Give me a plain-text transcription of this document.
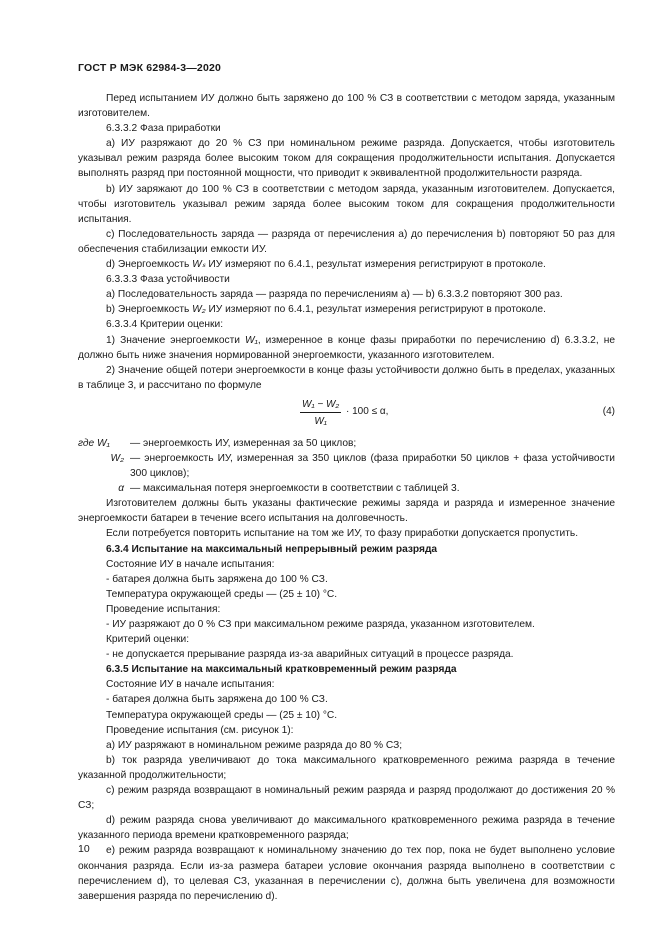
ГОСТ Р МЭК 62984-3—2020

Перед испытанием ИУ должно быть заряжено до 100 % СЗ в соответствии с методом заряда, указанным изготовителем.

6.3.3.2 Фаза приработки

а) ИУ разряжают до 20 % СЗ при номинальном режиме разряда. Допускается, чтобы изготовитель указывал режим разряда более высоким током для сокращения продолжительности испытания. Допускается выполнять разряд при постоянной мощности, что приводит к эквивалентной продолжительности разряда.

b) ИУ заряжают до 100 % СЗ в соответствии с методом заряда, указанным изготовителем. Допускается, чтобы изготовитель указывал режим заряда более высоким током для сокращения продолжительности испытания.

с) Последовательность заряда — разряда от перечисления а) до перечисления b) повторяют 50 раз для обеспечения стабилизации емкости ИУ.

d) Энергоемкость Wₛ ИУ измеряют по 6.4.1, результат измерения регистрируют в протоколе.

6.3.3.3 Фаза устойчивости

а) Последовательность заряда — разряда по перечислениям а) — b) 6.3.3.2 повторяют 300 раз.

b) Энергоемкость W₂ ИУ измеряют по 6.4.1, результат измерения регистрируют в протоколе.

6.3.3.4 Критерии оценки:

1) Значение энергоемкости W₁, измеренное в конце фазы приработки по перечислению d) 6.3.3.2, не должно быть ниже значения нормированной энергоемкости, указанного изготовителем.

2) Значение общей потери энергоемкости в конце фазы устойчивости должно быть в пределах, указанных в таблице 3, и рассчитано по формуле

$\frac{\text{W₁ − W₂}}{\text{W₁}} \cdot 100 \le \alpha$,	(4)
где W₁	— энергоемкость ИУ, измеренная за 50 циклов;
W₂ — энергоемкость ИУ, измеренная за 350 циклов (фаза приработки 50 циклов + фаза устойчивости 300 циклов);
α — максимальная потеря энергоемкости в соответствии с таблицей 3.

Изготовителем должны быть указаны фактические режимы заряда и разряда и измеренное значение энергоемкости батареи в течение всего испытания на долговечность.

Если потребуется повторить испытание на том же ИУ, то фазу приработки допускается пропустить.

6.3.4 Испытание на максимальный непрерывный режим разряда

Состояние ИУ в начале испытания:

- батарея должна быть заряжена до 100 % СЗ.

Температура окружающей среды — (25 ± 10) °С.

Проведение испытания:

- ИУ разряжают до 0 % СЗ при максимальном режиме разряда, указанном изготовителем.

Критерий оценки:

- не допускается прерывание разряда из-за аварийных ситуаций в процессе разряда.

6.3.5 Испытание на максимальный кратковременный режим разряда

Состояние ИУ в начале испытания:

- батарея должна быть заряжена до 100 % СЗ.

Температура окружающей среды — (25 ± 10) °С.

Проведение испытания (см. рисунок 1):

а) ИУ разряжают в номинальном режиме разряда до 80 % СЗ;

b) ток разряда увеличивают до тока максимального кратковременного режима разряда в течение указанной продолжительности;

с) режим разряда возвращают в номинальный режим разряда и разряд продолжают до достижения 20 % СЗ;

d) режим разряда снова увеличивают до максимального кратковременного режима разряда в течение указанного периода времени кратковременного разряда;

е) режим разряда возвращают к номинальному значению до тех пор, пока не будет выполнено условие окончания разряда. Если из-за размера батареи условие окончания разряда выполнено в соответствии с перечислением d), то целевая СЗ, указанная в перечислении с), должна быть увеличена для возможности завершения разряда по перечислению d).

10
